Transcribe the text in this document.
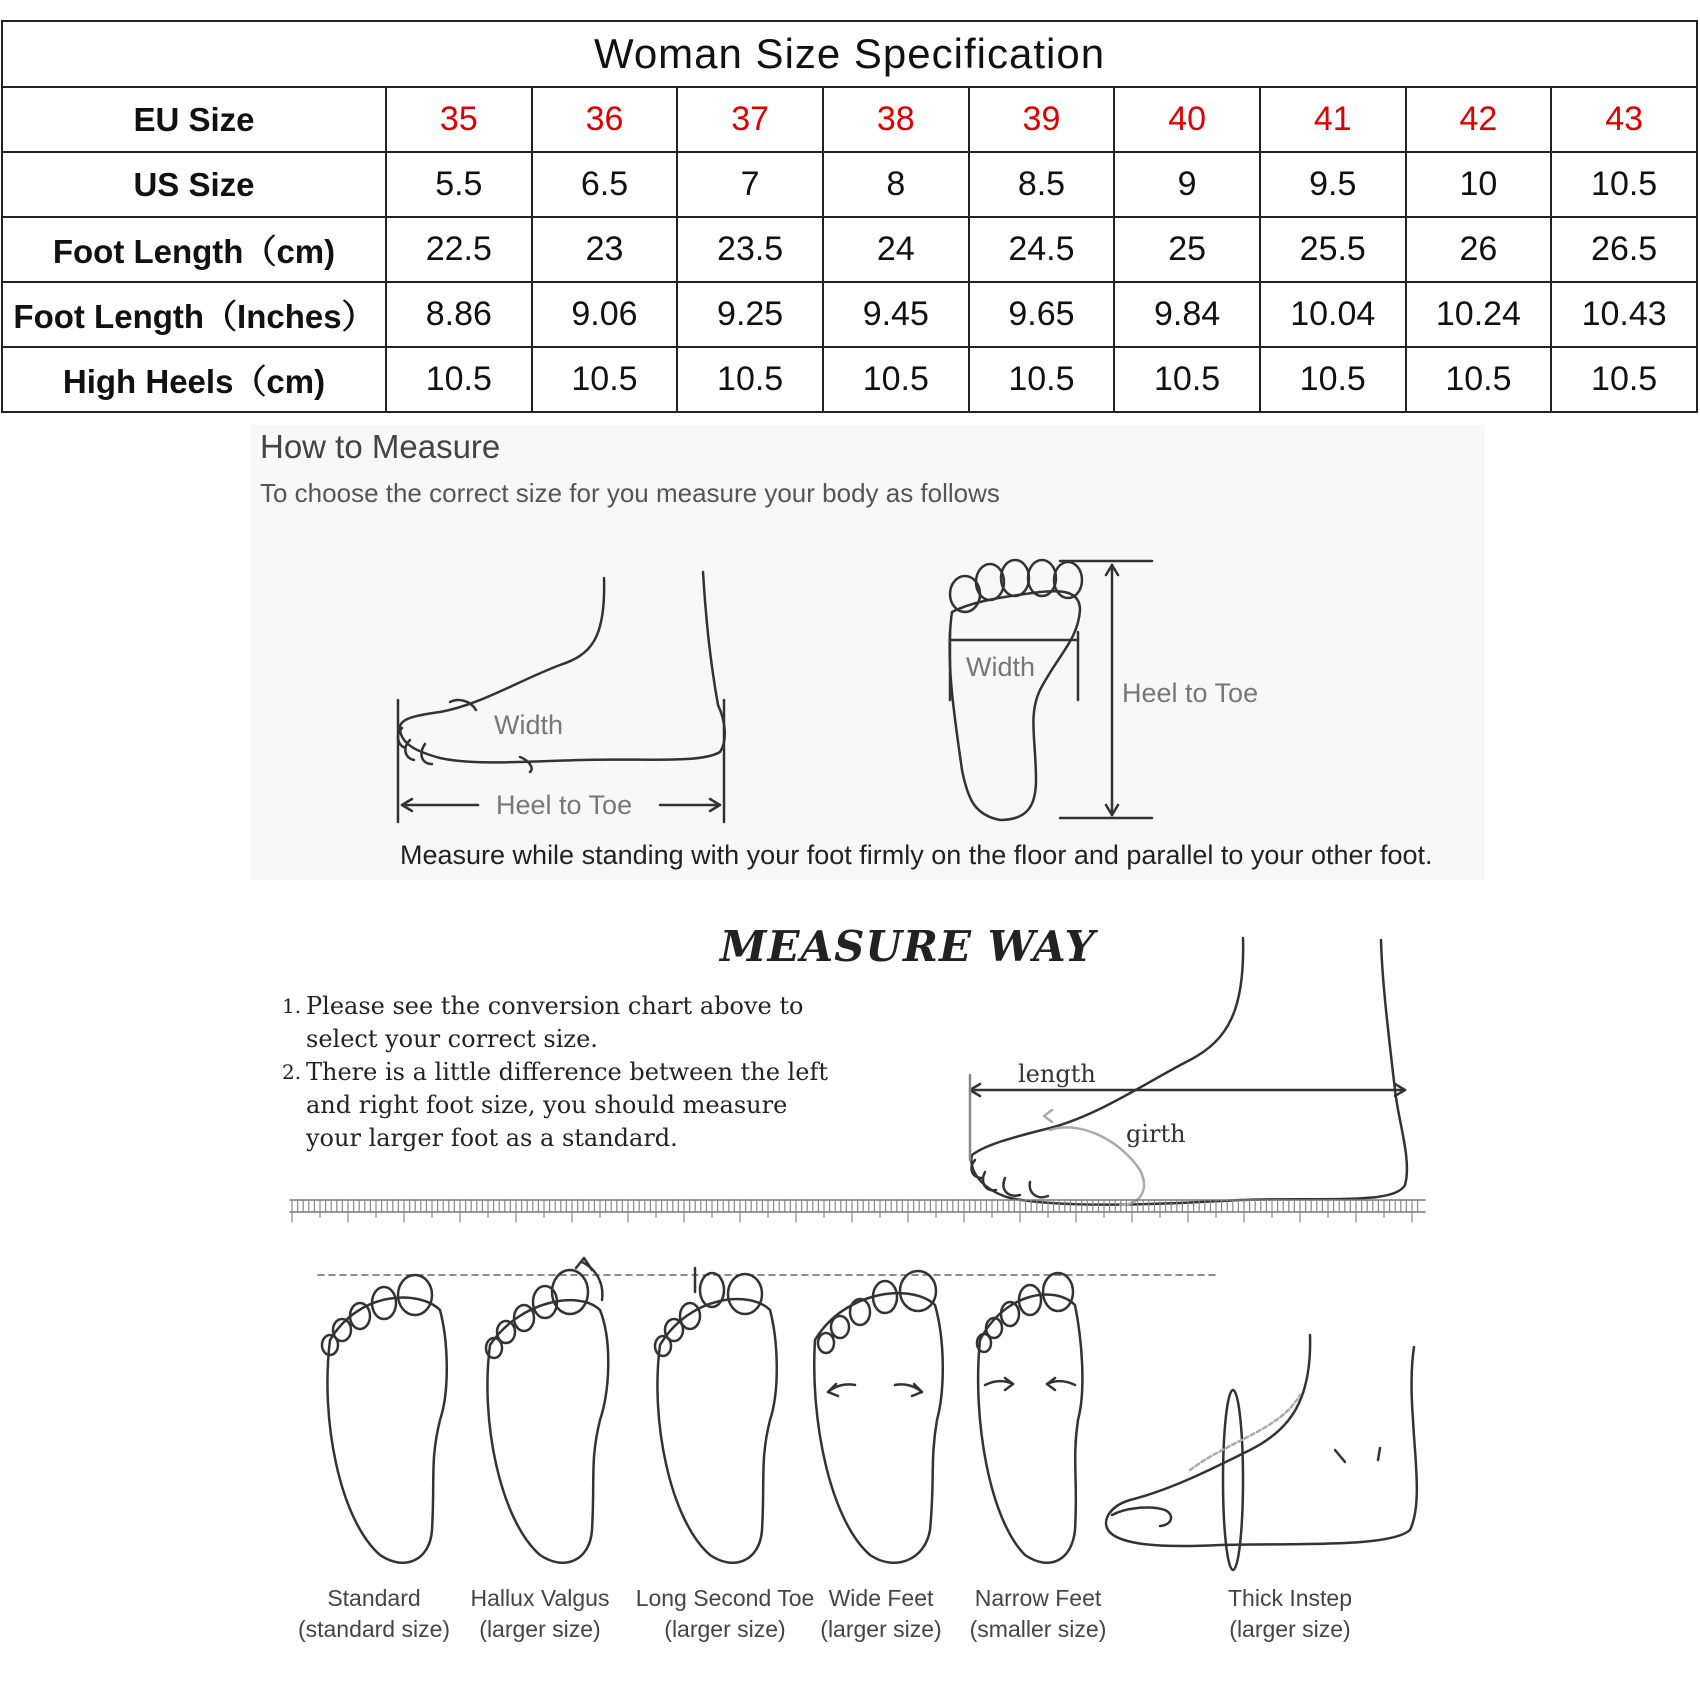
Woman Size Specification									
EU Size	35	36	37	38	39	40	41	42	43
US Size	5.5	6.5	7	8	8.5	9	9.5	10	10.5
Foot Length（cm)	22.5	23	23.5	24	24.5	25	25.5	26	26.5
Foot Length（Inches）	8.86	9.06	9.25	9.45	9.65	9.84	10.04	10.24	10.43
High Heels（cm)	10.5	10.5	10.5	10.5	10.5	10.5	10.5	10.5	10.5
How to Measure
To choose the correct size for you measure your body as follows
Width
Heel to Toe
Width
Heel to Toe
Measure while standing with your foot firmly on the floor and parallel to your other foot.
MEASURE WAY
1. Please see the conversion chart above to select your correct size.
2. There is a little difference between the left and right foot size, you should measure your larger foot as a standard.
length
girth
Standard
(standard size)
Hallux Valgus
(larger size)
Long Second Toe
(larger size)
Wide Feet
(larger size)
Narrow Feet
(smaller size)
Thick Instep
(larger size)
